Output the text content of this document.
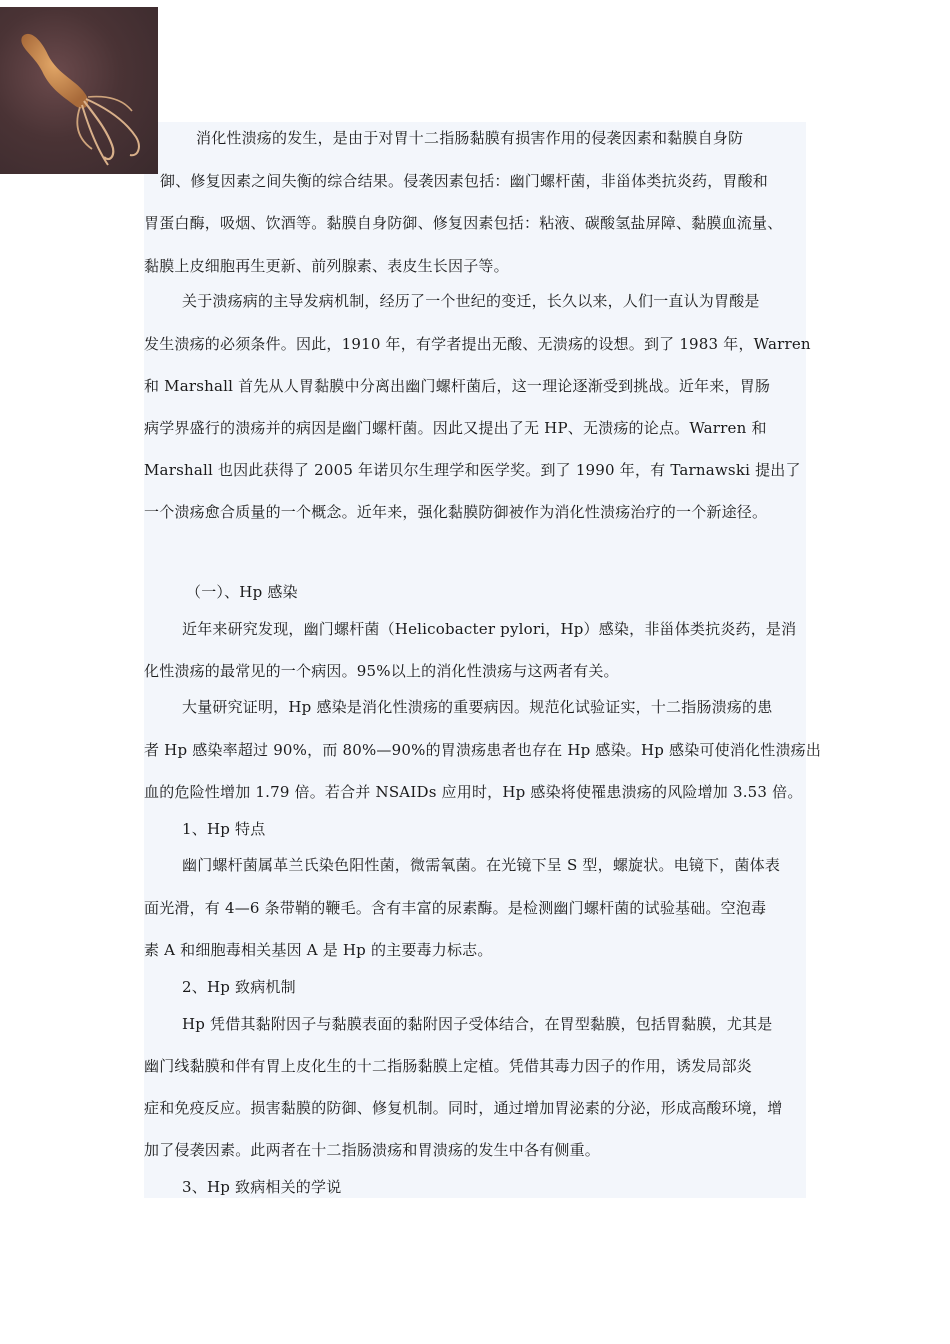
消化性溃疡的发生，是由于对胃十二指肠黏膜有损害作用的侵袭因素和黏膜自身防
御、修复因素之间失衡的综合结果。侵袭因素包括：幽门螺杆菌，非甾体类抗炎药，胃酸和
胃蛋白酶，吸烟、饮酒等。黏膜自身防御、修复因素包括：粘液、碳酸氢盐屏障、黏膜血流量、
黏膜上皮细胞再生更新、前列腺素、表皮生长因子等。
关于溃疡病的主导发病机制，经历了一个世纪的变迁，长久以来，人们一直认为胃酸是
发生溃疡的必须条件。因此，1910 年，有学者提出无酸、无溃疡的设想。到了 1983 年，Warren
和 Marshall 首先从人胃黏膜中分离出幽门螺杆菌后，这一理论逐渐受到挑战。近年来，胃肠
病学界盛行的溃疡并的病因是幽门螺杆菌。因此又提出了无 HP、无溃疡的论点。Warren 和
Marshall 也因此获得了 2005 年诺贝尔生理学和医学奖。到了 1990 年，有 Tarnawski 提出了
一个溃疡愈合质量的一个概念。近年来，强化黏膜防御被作为消化性溃疡治疗的一个新途径。
（一）、Hp 感染
近年来研究发现，幽门螺杆菌（Helicobacter pylori，Hp）感染，非甾体类抗炎药，是消
化性溃疡的最常见的一个病因。95%以上的消化性溃疡与这两者有关。
大量研究证明，Hp 感染是消化性溃疡的重要病因。规范化试验证实，十二指肠溃疡的患
者 Hp 感染率超过 90%，而 80%—90%的胃溃疡患者也存在 Hp 感染。Hp 感染可使消化性溃疡出
血的危险性增加 1.79 倍。若合并 NSAIDs 应用时，Hp 感染将使罹患溃疡的风险增加 3.53 倍。
1、Hp 特点
幽门螺杆菌属革兰氏染色阳性菌，微需氧菌。在光镜下呈 S 型，螺旋状。电镜下，菌体表
面光滑，有 4—6 条带鞘的鞭毛。含有丰富的尿素酶。是检测幽门螺杆菌的试验基础。空泡毒
素 A 和细胞毒相关基因 A 是 Hp 的主要毒力标志。
2、Hp 致病机制
Hp 凭借其黏附因子与黏膜表面的黏附因子受体结合，在胃型黏膜，包括胃黏膜，尤其是
幽门线黏膜和伴有胃上皮化生的十二指肠黏膜上定植。凭借其毒力因子的作用，诱发局部炎
症和免疫反应。损害黏膜的防御、修复机制。同时，通过增加胃泌素的分泌，形成高酸环境，增
加了侵袭因素。此两者在十二指肠溃疡和胃溃疡的发生中各有侧重。
3、Hp 致病相关的学说
